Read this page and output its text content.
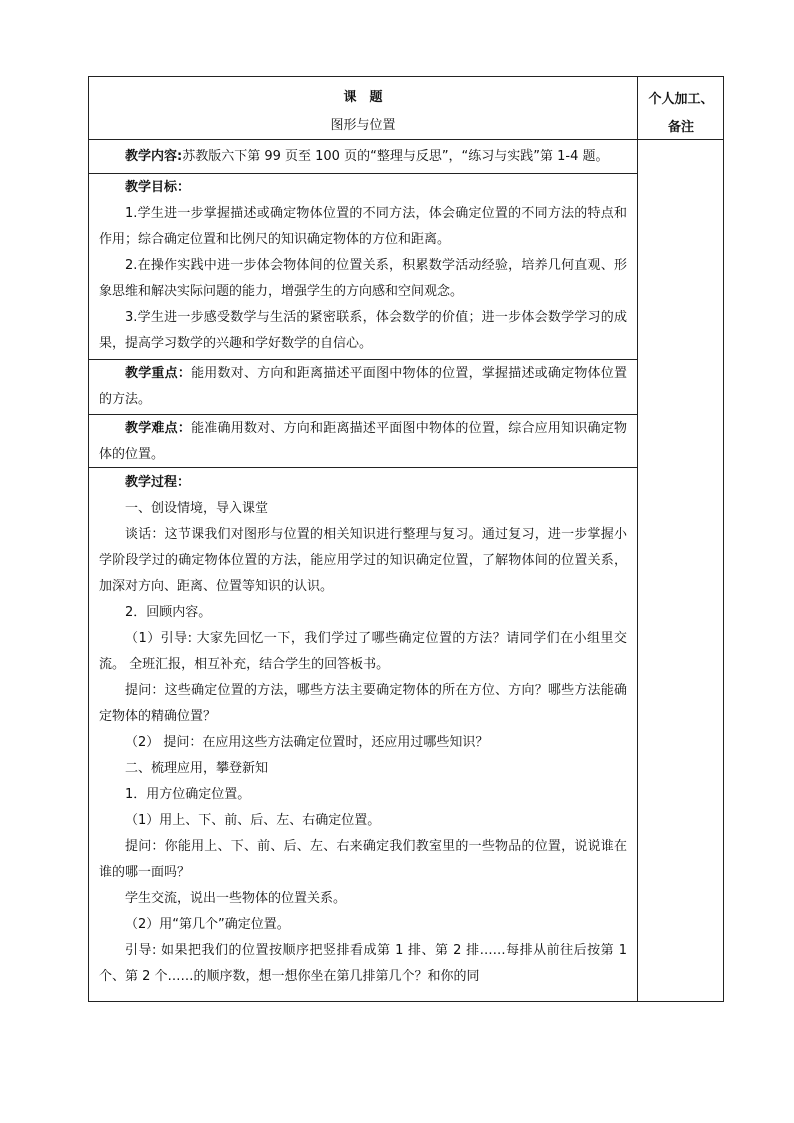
课　题
图形与位置
个人加工、
备注

教学内容:苏教版六下第 99 页至 100 页的“整理与反思”，“练习与实践”第 1-4 题。

教学目标：

1.学生进一步掌握描述或确定物体位置的不同方法，体会确定位置的不同方法的特点和作用；综合确定位置和比例尺的知识确定物体的方位和距离。

2.在操作实践中进一步体会物体间的位置关系，积累数学活动经验，培养几何直观、形象思维和解决实际问题的能力，增强学生的方向感和空间观念。

3.学生进一步感受数学与生活的紧密联系，体会数学的价值；进一步体会数学学习的成果，提高学习数学的兴趣和学好数学的自信心。

教学重点：能用数对、方向和距离描述平面图中物体的位置，掌握描述或确定物体位置的方法。

教学难点：能准确用数对、方向和距离描述平面图中物体的位置，综合应用知识确定物体的位置。

教学过程：

一、创设情境，导入课堂

谈话：这节课我们对图形与位置的相关知识进行整理与复习。通过复习，进一步掌握小学阶段学过的确定物体位置的方法，能应用学过的知识确定位置，了解物体间的位置关系，加深对方向、距离、位置等知识的认识。

2．回顾内容。

（1）引导: 大家先回忆一下，我们学过了哪些确定位置的方法？请同学们在小组里交流。 全班汇报，相互补充，结合学生的回答板书。

提问：这些确定位置的方法，哪些方法主要确定物体的所在方位、方向？哪些方法能确定物体的精确位置？

（2） 提问：在应用这些方法确定位置时，还应用过哪些知识？

二、梳理应用，攀登新知

1．用方位确定位置。

（1）用上、下、前、后、左、右确定位置。

提问：你能用上、下、前、后、左、右来确定我们教室里的一些物品的位置，说说谁在谁的哪一面吗？

学生交流，说出一些物体的位置关系。

（2）用“第几个”确定位置。

引导: 如果把我们的位置按顺序把竖排看成第 1 排、第 2 排……每排从前往后按第 1 个、第 2 个……的顺序数，想一想你坐在第几排第几个？和你的同
